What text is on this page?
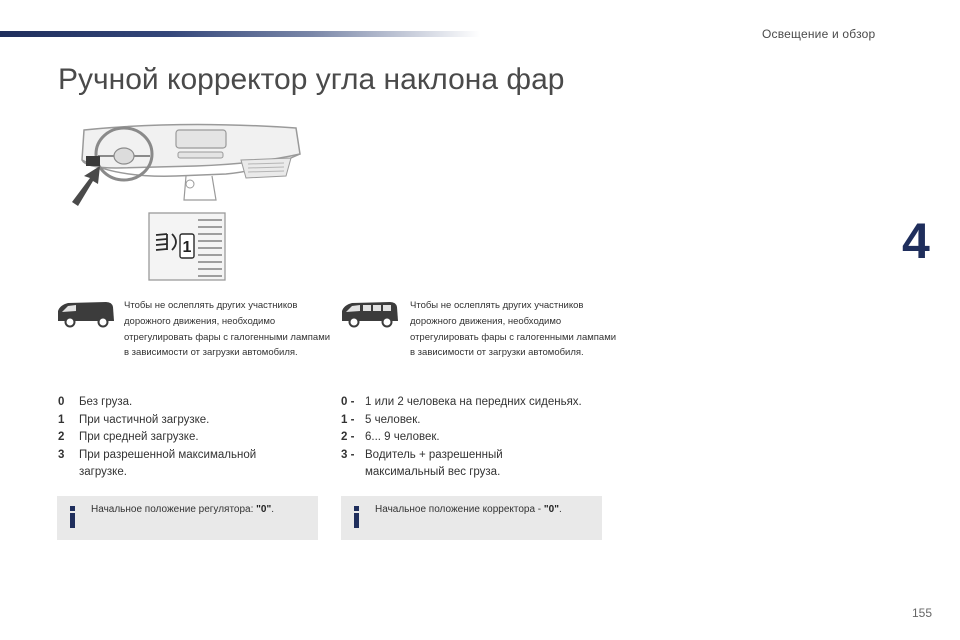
Освещение и обзор
4
Ручной корректор угла наклона фар
1
Чтобы не ослеплять других участников дорожного движения, необходимо отрегулировать фары с галогенными лампами в зависимости от загрузки автомобиля.
Чтобы не ослеплять других участников дорожного движения, необходимо отрегулировать фары с галогенными лампами в зависимости от загрузки автомобиля.
0	Без груза.
1	При частичной загрузке.
2	При средней загрузке.
3	При разрешенной максимальной загрузке.
0 - 1 или 2 человека на передних сиденьях.
1 - 5 человек.
2 - 6... 9 человек.
3 - Водитель + разрешенный максимальный вес груза.
Начальное положение регулятора: "0".	Начальное положение корректора - "0".
155
